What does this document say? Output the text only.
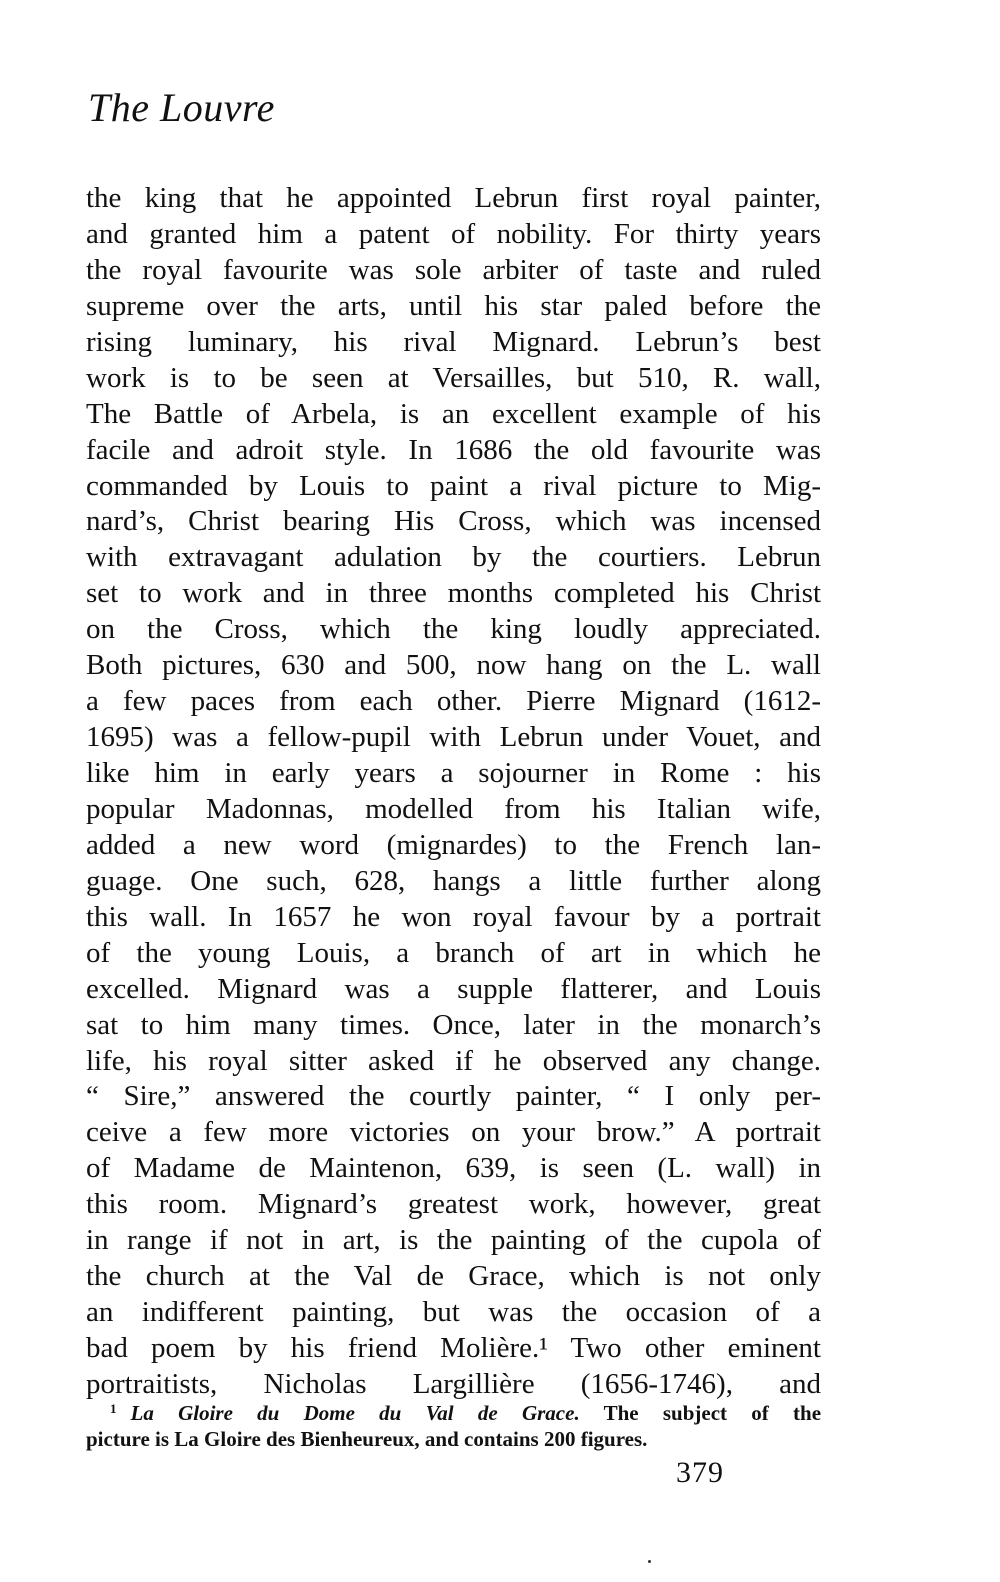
The Louvre
the king that he appointed Lebrun first royal painter,
and granted him a patent of nobility. For thirty years
the royal favourite was sole arbiter of taste and ruled
supreme over the arts, until his star paled before the
rising luminary, his rival Mignard. Lebrun’s best
work is to be seen at Versailles, but 510, R. wall,
The Battle of Arbela, is an excellent example of his
facile and adroit style. In 1686 the old favourite was
commanded by Louis to paint a rival picture to Mig-
nard’s, Christ bearing His Cross, which was incensed
with extravagant adulation by the courtiers. Lebrun
set to work and in three months completed his Christ
on the Cross, which the king loudly appreciated.
Both pictures, 630 and 500, now hang on the L. wall
a few paces from each other. Pierre Mignard (1612-
1695) was a fellow-pupil with Lebrun under Vouet, and
like him in early years a sojourner in Rome : his
popular Madonnas, modelled from his Italian wife,
added a new word (mignardes) to the French lan-
guage. One such, 628, hangs a little further along
this wall. In 1657 he won royal favour by a portrait
of the young Louis, a branch of art in which he
excelled. Mignard was a supple flatterer, and Louis
sat to him many times. Once, later in the monarch’s
life, his royal sitter asked if he observed any change.
“ Sire,” answered the courtly painter, “ I only per-
ceive a few more victories on your brow.” A portrait
of Madame de Maintenon, 639, is seen (L. wall) in
this room. Mignard’s greatest work, however, great
in range if not in art, is the painting of the cupola of
the church at the Val de Grace, which is not only
an indifferent painting, but was the occasion of a
bad poem by his friend Molière.¹ Two other eminent
portraitists, Nicholas Largillière (1656-1746), and
$^1$ La Gloire du Dome du Val de Grace. The subject of the
picture is La Gloire des Bienheureux, and contains 200 figures.
379
